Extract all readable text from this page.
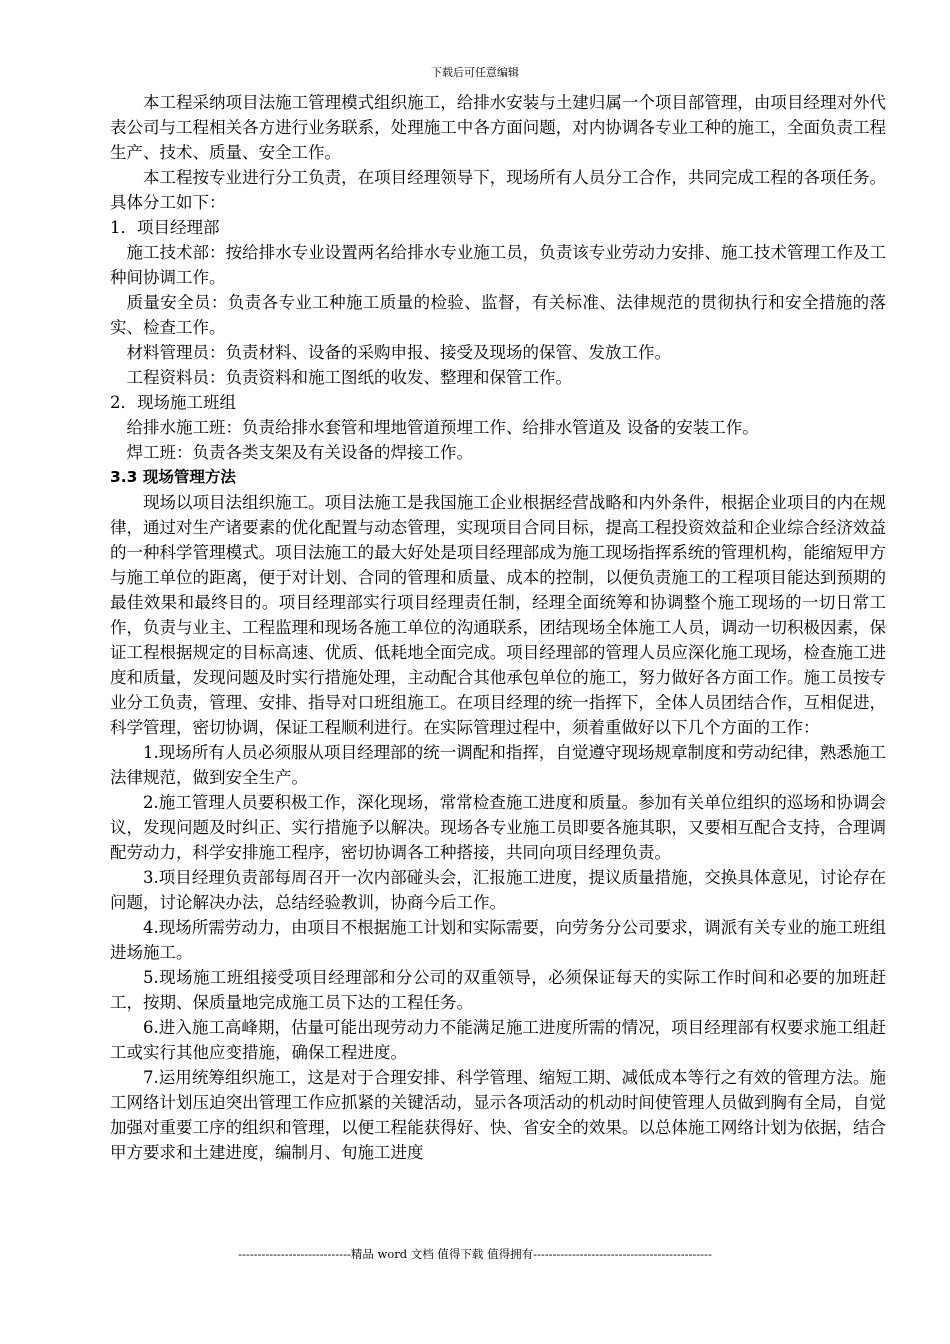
下载后可任意编辑

本工程采纳项目法施工管理模式组织施工，给排水安装与土建归属一个项目部管理，由项目经理对外代表公司与工程相关各方进行业务联系，处理施工中各方面问题，对内协调各专业工种的施工，全面负责工程生产、技术、质量、安全工作。

本工程按专业进行分工负责，在项目经理领导下，现场所有人员分工合作，共同完成工程的各项任务。具体分工如下：

1．项目经理部

施工技术部：按给排水专业设置两名给排水专业施工员，负责该专业劳动力安排、施工技术管理工作及工种间协调工作。

质量安全员：负责各专业工种施工质量的检验、监督，有关标准、法律规范的贯彻执行和安全措施的落实、检查工作。

材料管理员：负责材料、设备的采购申报、接受及现场的保管、发放工作。

工程资料员：负责资料和施工图纸的收发、整理和保管工作。

2．现场施工班组

给排水施工班：负责给排水套管和埋地管道预埋工作、给排水管道及 设备的安装工作。

焊工班：负责各类支架及有关设备的焊接工作。

3.3 现场管理方法

现场以项目法组织施工。项目法施工是我国施工企业根据经营战略和内外条件，根据企业项目的内在规律，通过对生产诸要素的优化配置与动态管理，实现项目合同目标，提高工程投资效益和企业综合经济效益的一种科学管理模式。项目法施工的最大好处是项目经理部成为施工现场指挥系统的管理机构，能缩短甲方与施工单位的距离，便于对计划、合同的管理和质量、成本的控制，以便负责施工的工程项目能达到预期的最佳效果和最终目的。项目经理部实行项目经理责任制，经理全面统筹和协调整个施工现场的一切日常工作，负责与业主、工程监理和现场各施工单位的沟通联系，团结现场全体施工人员，调动一切积极因素，保证工程根据规定的目标高速、优质、低耗地全面完成。项目经理部的管理人员应深化施工现场，检查施工进度和质量，发现问题及时实行措施处理，主动配合其他承包单位的施工，努力做好各方面工作。施工员按专业分工负责，管理、安排、指导对口班组施工。在项目经理的统一指挥下，全体人员团结合作，互相促进，科学管理，密切协调，保证工程顺利进行。在实际管理过程中，须着重做好以下几个方面的工作：

1.现场所有人员必须服从项目经理部的统一调配和指挥，自觉遵守现场规章制度和劳动纪律，熟悉施工法律规范，做到安全生产。

2.施工管理人员要积极工作，深化现场，常常检查施工进度和质量。参加有关单位组织的巡场和协调会议，发现问题及时纠正、实行措施予以解决。现场各专业施工员即要各施其职，又要相互配合支持，合理调配劳动力，科学安排施工程序，密切协调各工种搭接，共同向项目经理负责。

3.项目经理负责部每周召开一次内部碰头会，汇报施工进度，提议质量措施，交换具体意见，讨论存在问题，讨论解决办法，总结经验教训，协商今后工作。

4.现场所需劳动力，由项目不根据施工计划和实际需要，向劳务分公司要求，调派有关专业的施工班组进场施工。

5.现场施工班组接受项目经理部和分公司的双重领导，必须保证每天的实际工作时间和必要的加班赶工，按期、保质量地完成施工员下达的工程任务。

6.进入施工高峰期，估量可能出现劳动力不能满足施工进度所需的情况，项目经理部有权要求施工组赶工或实行其他应变措施，确保工程进度。

7.运用统筹组织施工，这是对于合理安排、科学管理、缩短工期、减低成本等行之有效的管理方法。施工网络计划压迫突出管理工作应抓紧的关键活动，显示各项活动的机动时间使管理人员做到胸有全局，自觉加强对重要工序的组织和管理，以便工程能获得好、快、省安全的效果。以总体施工网络计划为依据，结合甲方要求和土建进度，编制月、旬施工进度

-----------------------------精品 word 文档 值得下载 值得拥有----------------------------------------------
